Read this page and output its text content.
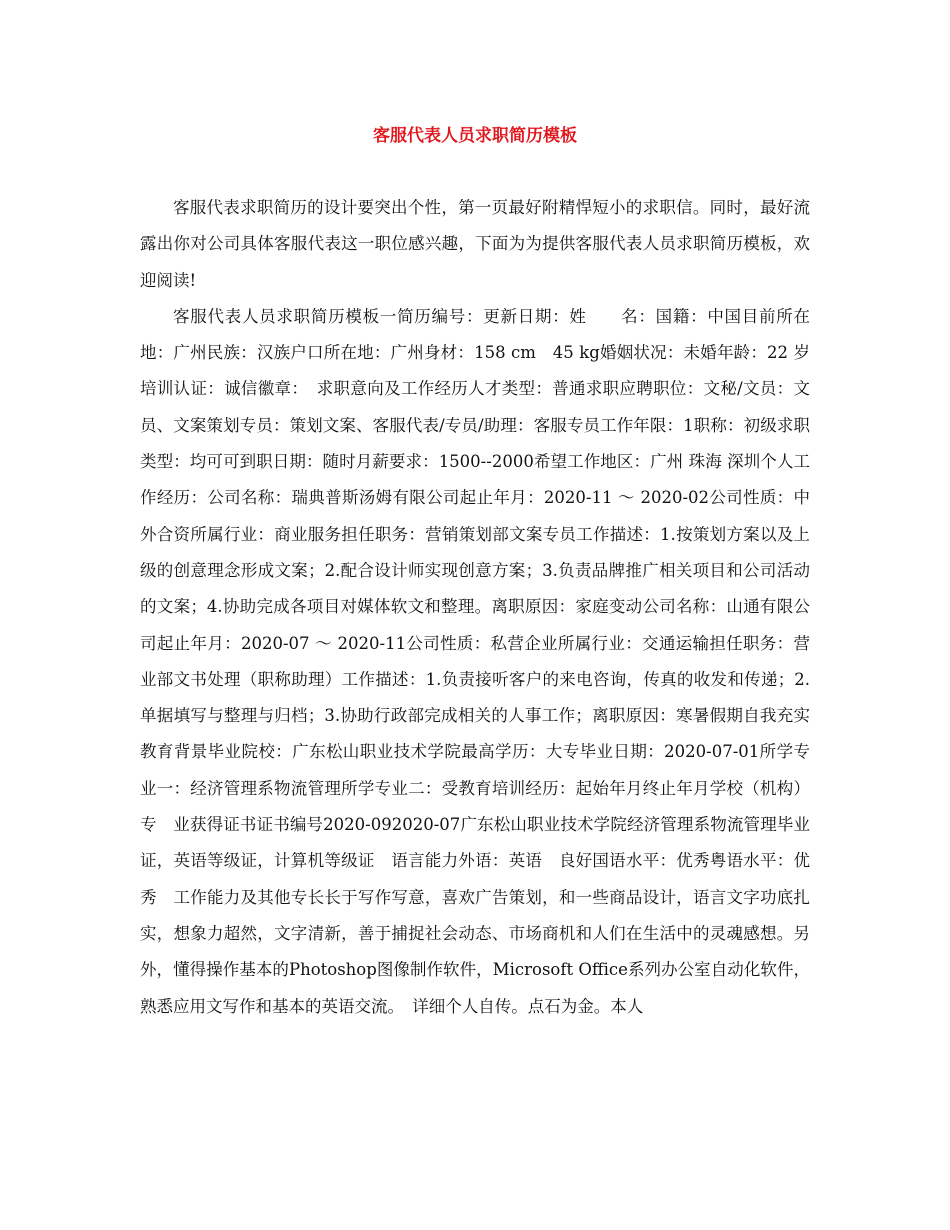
客服代表人员求职简历模板

客服代表求职简历的设计要突出个性，第一页最好附精悍短小的求职信。同时，最好流露出你对公司具体客服代表这一职位感兴趣，下面为为提供客服代表人员求职简历模板，欢迎阅读!

客服代表人员求职简历模板一简历编号：更新日期：姓　　名：国籍：中国目前所在地：广州民族：汉族户口所在地：广州身材：158 cm　45 kg婚姻状况：未婚年龄：22 岁培训认证：诚信徽章：　求职意向及工作经历人才类型：普通求职应聘职位：文秘/文员：文员、文案策划专员：策划文案、客服代表/专员/助理：客服专员工作年限：1职称：初级求职类型：均可可到职日期：随时月薪要求：1500--2000希望工作地区：广州 珠海 深圳个人工作经历：公司名称：瑞典普斯汤姆有限公司起止年月：2020-11 ～ 2020-02公司性质：中外合资所属行业：商业服务担任职务：营销策划部文案专员工作描述：1.按策划方案以及上级的创意理念形成文案；2.配合设计师实现创意方案；3.负责品牌推广相关项目和公司活动的文案；4.协助完成各项目对媒体软文和整理。离职原因：家庭变动公司名称：山通有限公司起止年月：2020-07 ～ 2020-11公司性质：私营企业所属行业：交通运输担任职务：营业部文书处理（职称助理）工作描述：1.负责接听客户的来电咨询，传真的收发和传递；2.单据填写与整理与归档；3.协助行政部完成相关的人事工作；离职原因：寒暑假期自我充实　教育背景毕业院校：广东松山职业技术学院最高学历：大专毕业日期：2020-07-01所学专业一：经济管理系物流管理所学专业二：受教育培训经历：起始年月终止年月学校（机构）专　业获得证书证书编号2020-092020-07广东松山职业技术学院经济管理系物流管理毕业证，英语等级证，计算机等级证　语言能力外语：英语　良好国语水平：优秀粤语水平：优秀　工作能力及其他专长长于写作写意，喜欢广告策划，和一些商品设计，语言文字功底扎实，想象力超然，文字清新，善于捕捉社会动态、市场商机和人们在生活中的灵魂感想。另外，懂得操作基本的Photoshop图像制作软件，Microsoft Office系列办公室自动化软件，熟悉应用文写作和基本的英语交流。　详细个人自传。点石为金。本人
